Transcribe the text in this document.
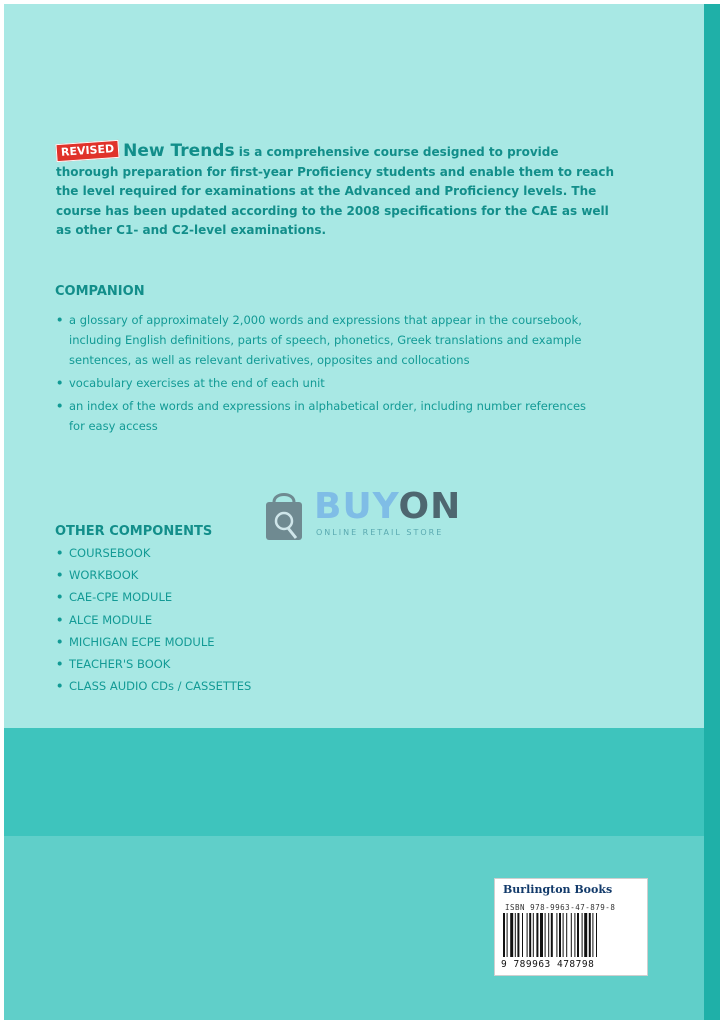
REVISED New Trends is a comprehensive course designed to provide thorough preparation for first-year Proficiency students and enable them to reach the level required for examinations at the Advanced and Proficiency levels. The course has been updated according to the 2008 specifications for the CAE as well as other C1- and C2-level examinations.
COMPANION
• a glossary of approximately 2,000 words and expressions that appear in the coursebook, including English definitions, parts of speech, phonetics, Greek translations and example sentences, as well as relevant derivatives, opposites and collocations
• vocabulary exercises at the end of each unit
• an index of the words and expressions in alphabetical order, including number references for easy access
BUYON
ONLINE RETAIL STORE
OTHER COMPONENTS
• COURSEBOOK
• WORKBOOK
• CAE-CPE MODULE
• ALCE MODULE
• MICHIGAN ECPE MODULE
• TEACHER'S BOOK
• CLASS AUDIO CDs / CASSETTES
Burlington Books
ISBN 978-9963-47-879-8
9 789963 478798
